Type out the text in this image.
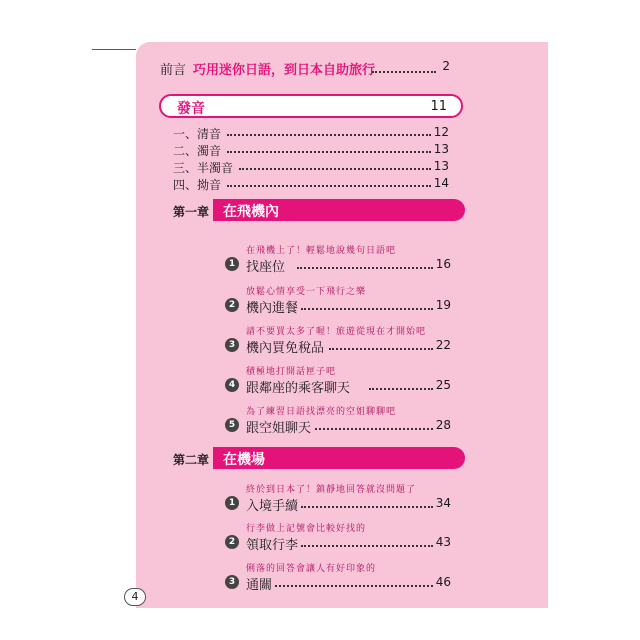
前言 巧用迷你日語，到日本自助旅行	2
發音	11
一、清音	12
二、濁音	13
三、半濁音	13
四、拗音	14
第一章 在飛機內
在飛機上了！輕鬆地說幾句日語吧
1 找座位	16
放鬆心情享受一下飛行之樂
2 機內進餐	19
請不要買太多了喔！旅遊從現在才開始吧
3 機內買免稅品	22
積極地打開話匣子吧
4 跟鄰座的乘客聊天	25
為了練習日語找漂亮的空姐聊聊吧
5 跟空姐聊天	28
第二章 在機場
終於到日本了！鎮靜地回答就沒問題了
1 入境手續	34
行李做上記號會比較好找的
2 領取行李	43
俐落的回答會讓人有好印象的
3 通關	46
4
